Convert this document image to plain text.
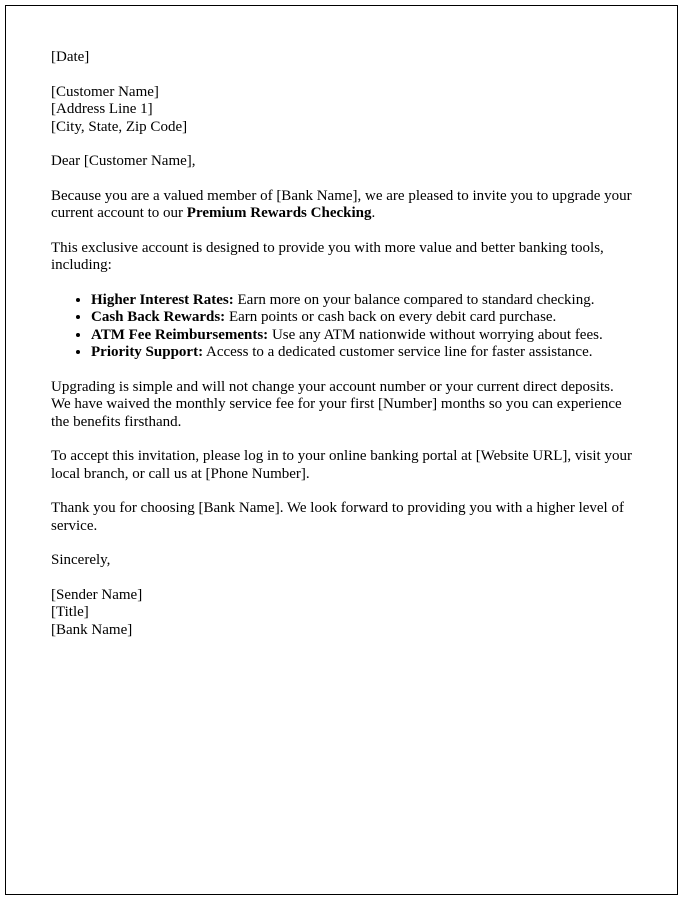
[Date]

[Customer Name]
[Address Line 1]
[City, State, Zip Code]

Dear [Customer Name],

Because you are a valued member of [Bank Name], we are pleased to invite you to upgrade your current account to our Premium Rewards Checking.

This exclusive account is designed to provide you with more value and better banking tools, including:

• Higher Interest Rates: Earn more on your balance compared to standard checking.
• Cash Back Rewards: Earn points or cash back on every debit card purchase.
• ATM Fee Reimbursements: Use any ATM nationwide without worrying about fees.
• Priority Support: Access to a dedicated customer service line for faster assistance.

Upgrading is simple and will not change your account number or your current direct deposits. We have waived the monthly service fee for your first [Number] months so you can experience the benefits firsthand.

To accept this invitation, please log in to your online banking portal at [Website URL], visit your local branch, or call us at [Phone Number].

Thank you for choosing [Bank Name]. We look forward to providing you with a higher level of service.

Sincerely,

[Sender Name]
[Title]
[Bank Name]
